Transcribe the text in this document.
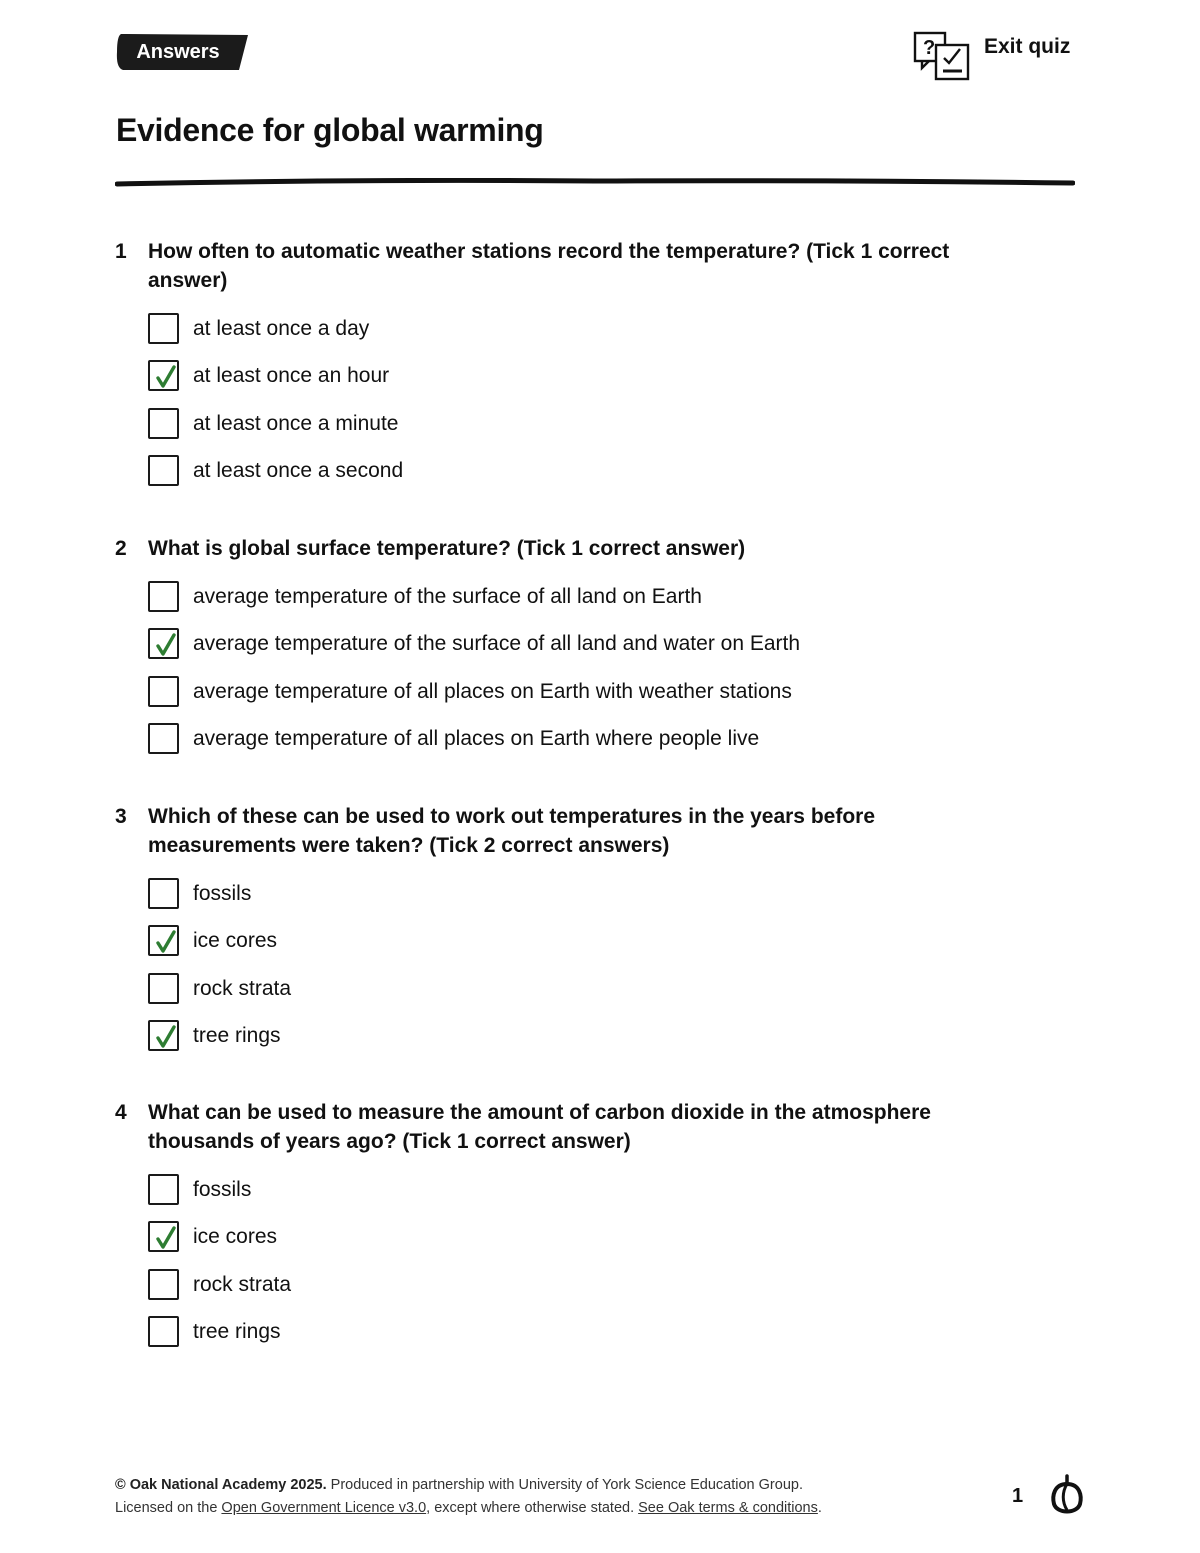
Answers	? Exit quiz
Evidence for global warming
1 How often to automatic weather stations record the temperature? (Tick 1 correct answer)
at least once a day
at least once an hour
at least once a minute
at least once a second
2 What is global surface temperature? (Tick 1 correct answer)
average temperature of the surface of all land on Earth
average temperature of the surface of all land and water on Earth
average temperature of all places on Earth with weather stations
average temperature of all places on Earth where people live
3 Which of these can be used to work out temperatures in the years before measurements were taken? (Tick 2 correct answers)
fossils
ice cores
rock strata
tree rings
4 What can be used to measure the amount of carbon dioxide in the atmosphere thousands of years ago? (Tick 1 correct answer)
fossils
ice cores
rock strata
tree rings
© Oak National Academy 2025. Produced in partnership with University of York Science Education Group.
Licensed on the Open Government Licence v3.0, except where otherwise stated. See Oak terms & conditions.
1
